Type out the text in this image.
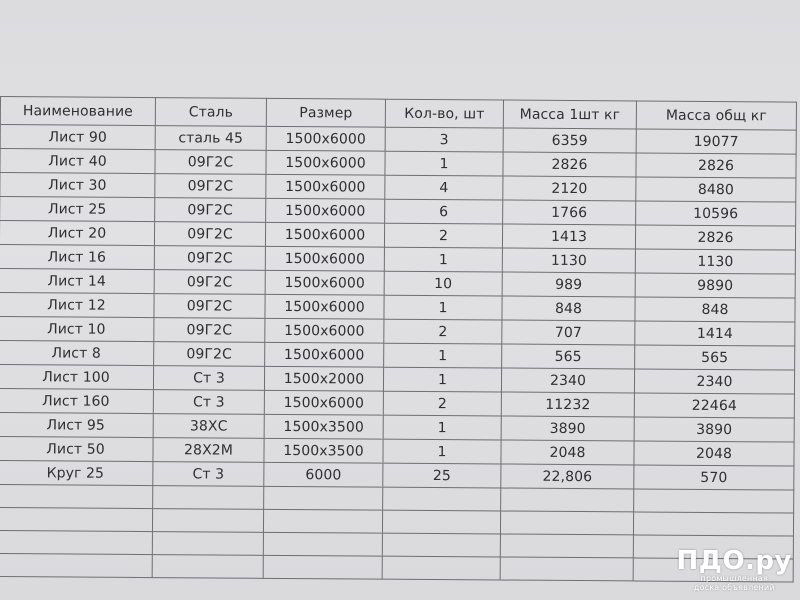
Наименование	Сталь	Размер	Кол-во, шт	Масса 1шт кг	Масса общ кг
Лист 90	сталь 45	1500x6000	3	6359	19077
Лист 40	09Г2С	1500x6000	1	2826	2826
Лист 30	09Г2С	1500x6000	4	2120	8480
Лист 25	09Г2С	1500x6000	6	1766	10596
Лист 20	09Г2С	1500x6000	2	1413	2826
Лист 16	09Г2С	1500x6000	1	1130	1130
Лист 14	09Г2С	1500x6000	10	989	9890
Лист 12	09Г2С	1500x6000	1	848	848
Лист 10	09Г2С	1500x6000	2	707	1414
Лист 8	09Г2С	1500x6000	1	565	565
Лист 100	Ст 3	1500x2000	1	2340	2340
Лист 160	Ст 3	1500x6000	2	11232	22464
Лист 95	38ХС	1500x3500	1	3890	3890
Лист 50	28Х2М	1500x3500	1	2048	2048
Круг 25	Ст 3	6000	25	22,806	570

ПДО.ру
промышленная
доска объявлений
